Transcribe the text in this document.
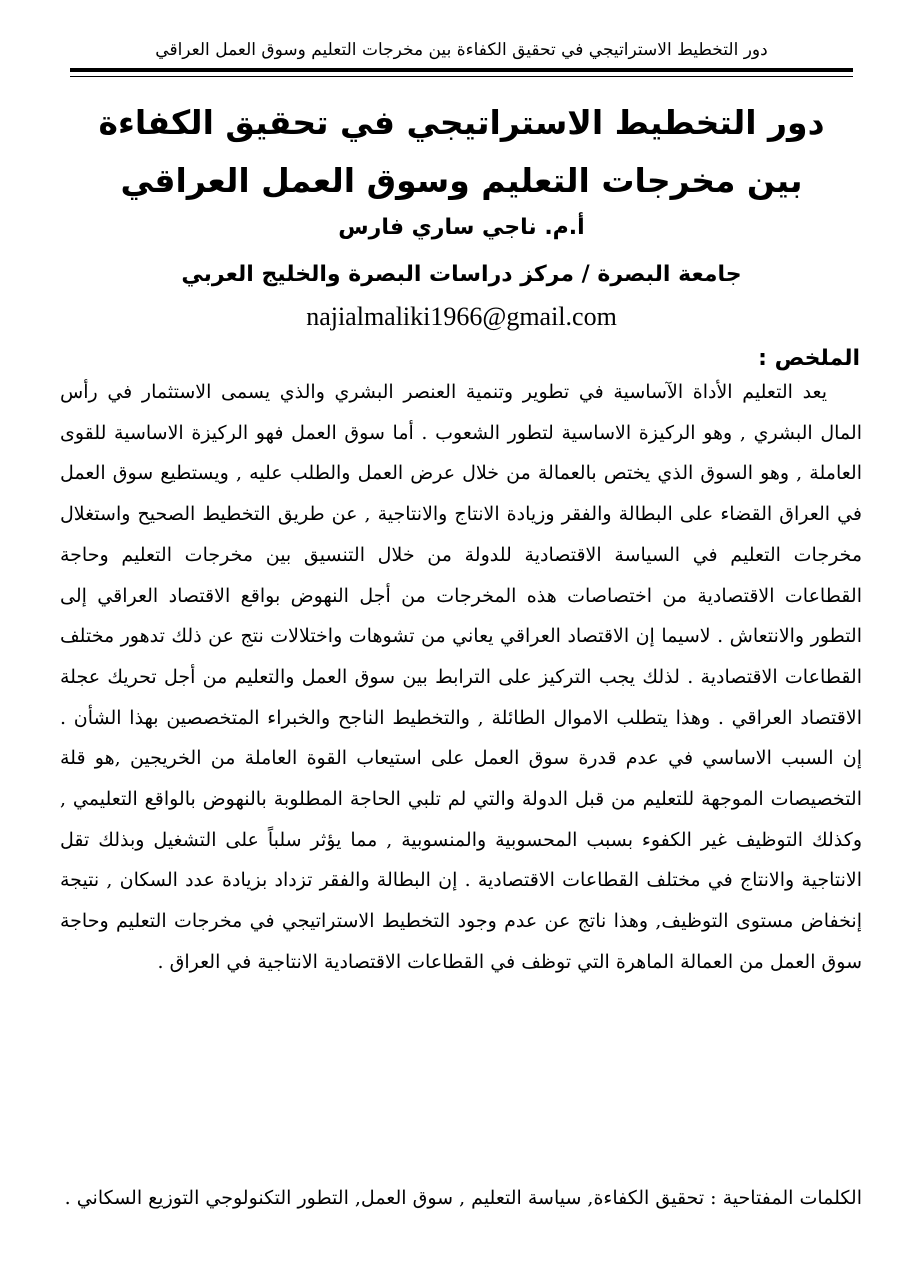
دور التخطيط الاستراتيجي في تحقيق الكفاءة بين مخرجات التعليم وسوق العمل العراقي
دور التخطيط الاستراتيجي في تحقيق الكفاءة بين مخرجات التعليم وسوق العمل العراقي
أ.م. ناجي ساري فارس
جامعة البصرة / مركز دراسات البصرة والخليج العربي
najialmaliki1966@gmail.com
الملخص :

يعد التعليم الأداة الآساسية في تطوير وتنمية العنصر البشري والذي يسمى الاستثمار في رأس المال البشري , وهو الركيزة الاساسية لتطور الشعوب . أما سوق العمل فهو الركيزة الاساسية للقوى العاملة , وهو السوق الذي يختص بالعمالة من خلال عرض العمل والطلب عليه , ويستطيع سوق العمل في العراق القضاء على البطالة والفقر وزيادة الانتاج والانتاجية , عن طريق التخطيط الصحيح واستغلال مخرجات التعليم في السياسة الاقتصادية للدولة من خلال التنسيق بين مخرجات التعليم وحاجة القطاعات الاقتصادية من اختصاصات هذه المخرجات من أجل النهوض بواقع الاقتصاد العراقي إلى التطور والانتعاش . لاسيما إن الاقتصاد العراقي يعاني من تشوهات واختلالات نتج عن ذلك تدهور مختلف القطاعات الاقتصادية . لذلك يجب التركيز على الترابط بين سوق العمل والتعليم من أجل تحريك عجلة الاقتصاد العراقي . وهذا يتطلب الاموال الطائلة , والتخطيط الناجح والخبراء المتخصصين بهذا الشأن . إن السبب الاساسي في عدم قدرة سوق العمل على استيعاب القوة العاملة من الخريجين ,هو قلة التخصيصات الموجهة للتعليم من قبل الدولة والتي لم تلبي الحاجة المطلوبة بالنهوض بالواقع التعليمي , وكذلك التوظيف غير الكفوء بسبب المحسوبية والمنسوبية , مما يؤثر سلباً على التشغيل وبذلك تقل الانتاجية والانتاج في مختلف القطاعات الاقتصادية . إن البطالة والفقر تزداد بزيادة عدد السكان , نتيجة إنخفاض مستوى التوظيف, وهذا ناتج عن عدم وجود التخطيط الاستراتيجي في مخرجات التعليم وحاجة سوق العمل من العمالة الماهرة التي توظف في القطاعات الاقتصادية الانتاجية في العراق .

الكلمات المفتاحية : تحقيق الكفاءة, سياسة التعليم , سوق العمل, التطور التكنولوجي التوزيع السكاني .
